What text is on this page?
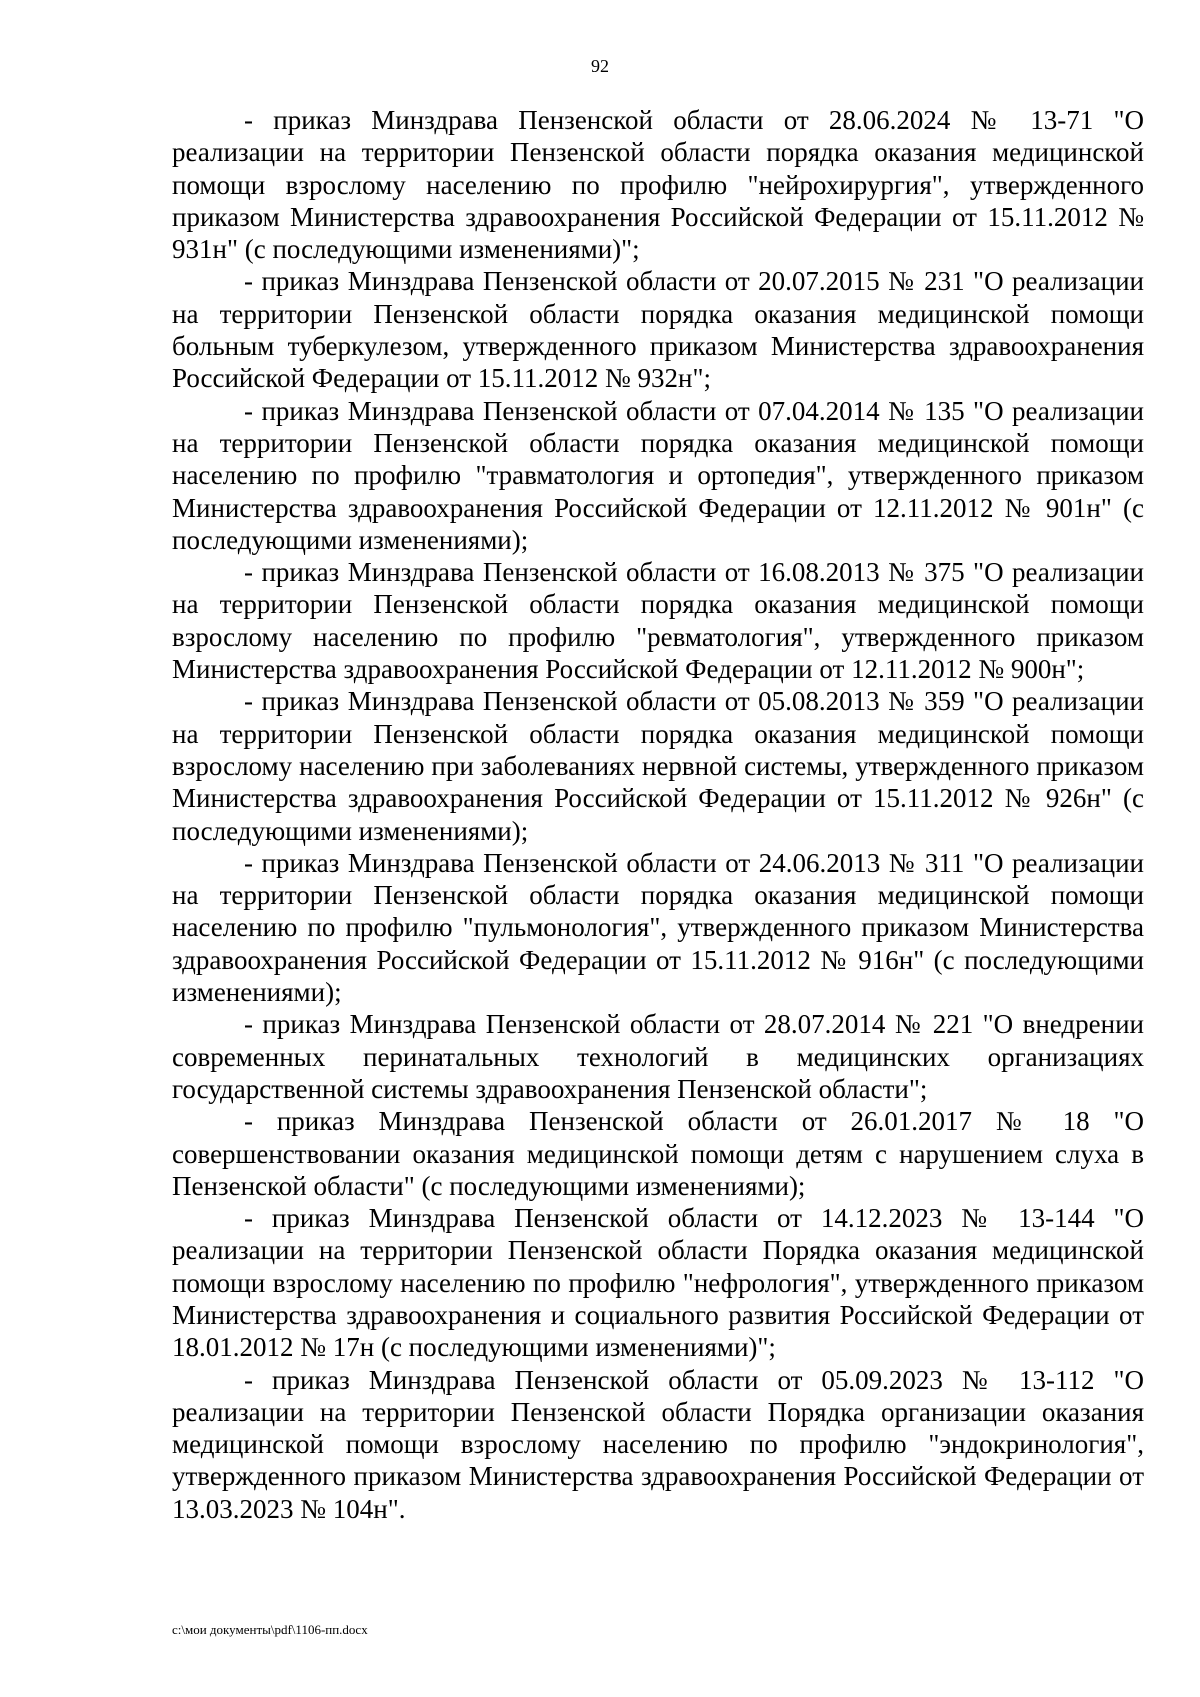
92

- приказ Минздрава Пензенской области от 28.06.2024 № 13-71 "О реализации на территории Пензенской области порядка оказания медицинской помощи взрослому населению по профилю "нейрохирургия", утвержденного приказом Министерства здравоохранения Российской Федерации от 15.11.2012 № 931н" (с последующими изменениями)";

- приказ Минздрава Пензенской области от 20.07.2015 № 231 "О реализации на территории Пензенской области порядка оказания медицинской помощи больным туберкулезом, утвержденного приказом Министерства здравоохранения Российской Федерации от 15.11.2012 № 932н";

- приказ Минздрава Пензенской области от 07.04.2014 № 135 "О реализации на территории Пензенской области порядка оказания медицинской помощи населению по профилю "травматология и ортопедия", утвержденного приказом Министерства здравоохранения Российской Федерации от 12.11.2012 № 901н" (с последующими изменениями);

- приказ Минздрава Пензенской области от 16.08.2013 № 375 "О реализации на территории Пензенской области порядка оказания медицинской помощи взрослому населению по профилю "ревматология", утвержденного приказом Министерства здравоохранения Российской Федерации от 12.11.2012 № 900н";

- приказ Минздрава Пензенской области от 05.08.2013 № 359 "О реализации на территории Пензенской области порядка оказания медицинской помощи взрослому населению при заболеваниях нервной системы, утвержденного приказом Министерства здравоохранения Российской Федерации от 15.11.2012 № 926н" (с последующими изменениями);

- приказ Минздрава Пензенской области от 24.06.2013 № 311 "О реализации на территории Пензенской области порядка оказания медицинской помощи населению по профилю "пульмонология", утвержденного приказом Министерства здравоохранения Российской Федерации от 15.11.2012 № 916н" (с последующими изменениями);

- приказ Минздрава Пензенской области от 28.07.2014 № 221 "О внедрении современных перинатальных технологий в медицинских организациях государственной системы здравоохранения Пензенской области";

- приказ Минздрава Пензенской области от 26.01.2017 № 18 "О совершенствовании оказания медицинской помощи детям с нарушением слуха в Пензенской области" (с последующими изменениями);

- приказ Минздрава Пензенской области от 14.12.2023 № 13-144 "О реализации на территории Пензенской области Порядка оказания медицинской помощи взрослому населению по профилю "нефрология", утвержденного приказом Министерства здравоохранения и социального развития Российской Федерации от 18.01.2012 № 17н (с последующими изменениями)";

- приказ Минздрава Пензенской области от 05.09.2023 № 13-112 "О реализации на территории Пензенской области Порядка организации оказания медицинской помощи взрослому населению по профилю "эндокринология", утвержденного приказом Министерства здравоохранения Российской Федерации от 13.03.2023 № 104н".

c:\мои документы\pdf\1106-пп.docx
